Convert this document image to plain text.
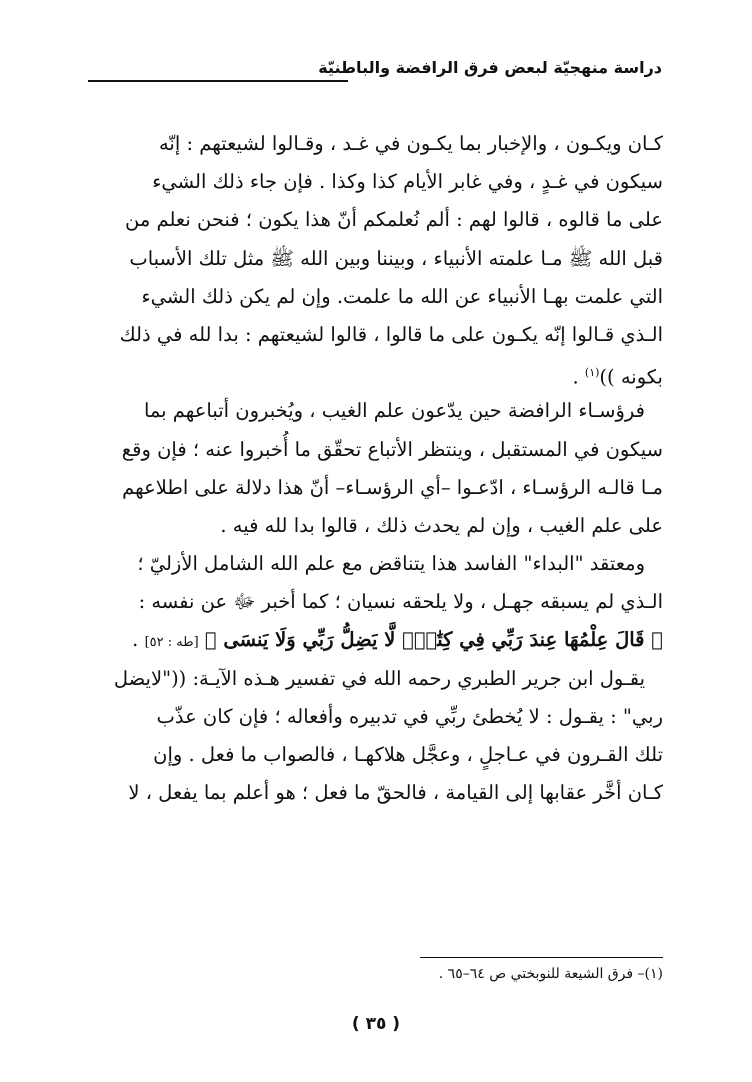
دراسة منهجيّة لبعض فرق الرافضة والباطنيّة
كـان ويكـون ، والإخبار بما يكـون في غـد ، وقـالوا لشيعتهم : إنّه
سيكون في غـدٍ ، وفي غابر الأيام كذا وكذا . فإن جاء ذلك الشيء
على ما قالوه ، قالوا لهم : ألم نُعلمكم أنّ هذا يكون ؛ فنحن نعلم من
قبل الله ﷺ مـا علمته الأنبياء ، وبيننا وبين الله ﷺ مثل تلك الأسباب
التي علمت بهـا الأنبياء عن الله ما علمت. وإن لم يكن ذلك الشيء
الـذي قـالوا إنّه يكـون على ما قالوا ، قالوا لشيعتهم : بدا لله في ذلك
بكونه ))$^{(١)}$ .
فرؤسـاء الرافضة حين يدّعون علم الغيب ، ويُخبرون أتباعهم بما
سيكون في المستقبل ، وينتظر الأتباع تحقّق ما أُخبروا عنه ؛ فإن وقع
مـا قالـه الرؤسـاء ، ادّعـوا –أي الرؤسـاء– أنّ هذا دلالة على اطلاعهم
على علم الغيب ، وإن لم يحدث ذلك ، قالوا بدا لله فيه .
ومعتقد "البداء" الفاسد هذا يتناقض مع علم الله الشامل الأزليّ ؛
الـذي لم يسبقه جهـل ، ولا يلحقه نسيان ؛ كما أخبر ﷻ عن نفسه :
﴿ قَالَ عِلْمُهَا عِندَ رَبِّي فِي كِتَٰبٍۖ لَّا يَضِلُّ رَبِّي وَلَا يَنسَى ﴾ [طه : ٥٢] .
يقـول ابن جرير الطبري رحمه الله في تفسير هـذه الآيـة: (("لايضل
ربي" : يقـول : لا يُخطئ ربِّي في تدبيره وأفعاله ؛ فإن كان عذّب
تلك القـرون في عـاجلٍ ، وعجَّل هلاكهـا ، فالصواب ما فعل . وإن
كـان أخَّر عقابها إلى القيامة ، فالحقّ ما فعل ؛ هو أعلم بما يفعل ، لا
(١)– فرق الشيعة للنوبختي ص ٦٤–٦٥ .
( ٣٥ )
